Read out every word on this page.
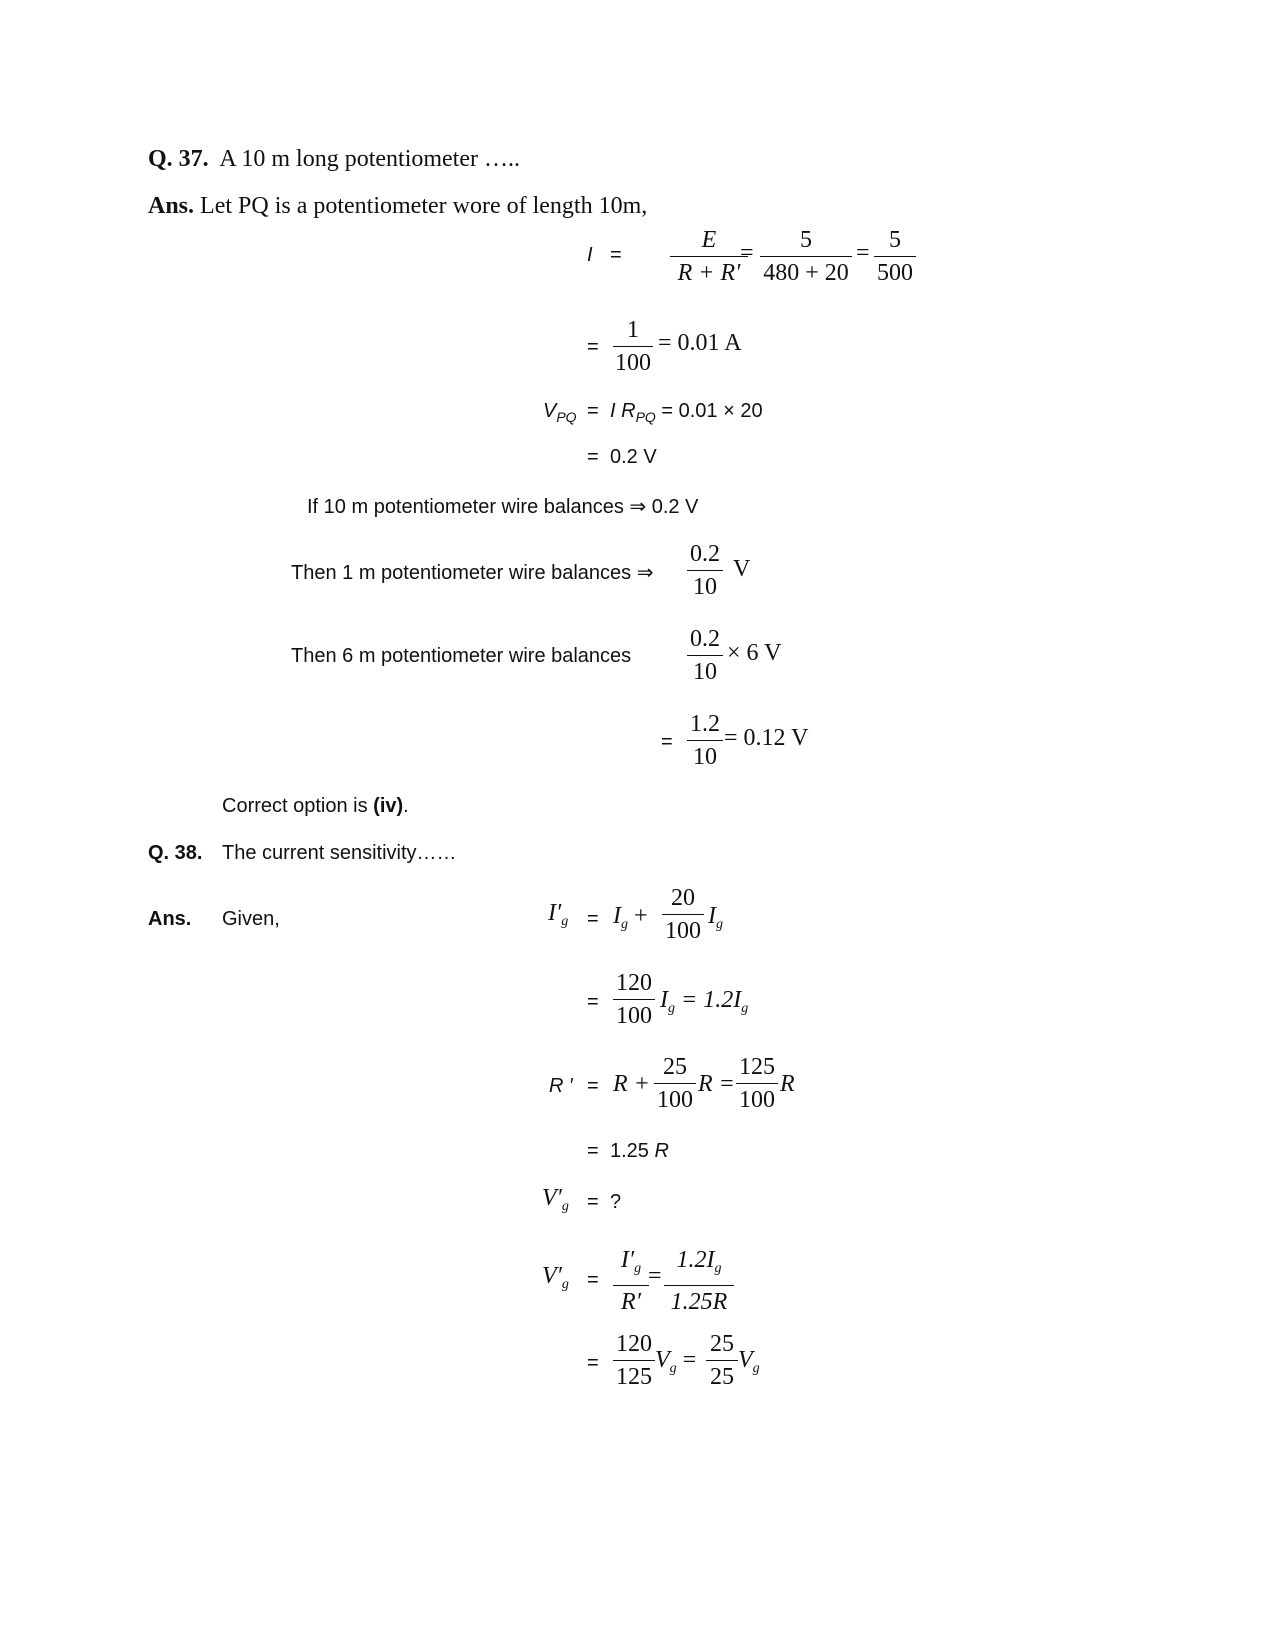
Q. 37. A 10 m long potentiometer …..
Ans. Let PQ is a potentiometer wore of length 10m,
I =
E
R + R′
=	5
480 + 20
= 5
500
=
1
100
= 0.01 A
$V_{PQ} = I$ $R_{PQ} = 0.01 \times 20$
= 0.2 V
If 10 m potentiometer wire balances ⇒ 0.2 V
Then 1 m potentiometer wire balances ⇒
0.2
10
V
Then 6 m potentiometer wire balances
0.2
10
× 6 V
=
1.2
10
= 0.12 V
Correct option is (iv).
Q. 38. The current sensitivity……
Ans. Given,	$I'_g = I_g$ +
20
100
$I_g$
=
120
100
$I_g = 1.2I_g$
R ′ = R +
25
100
R =
125
100
R
= 1.25 R
$V'_g$ = ?
$V'_g$ =
$I'_g$
R′
=
$1.2I_g$
1.25R
=
120
125
$V_g$ =
25
25
$V_g$
